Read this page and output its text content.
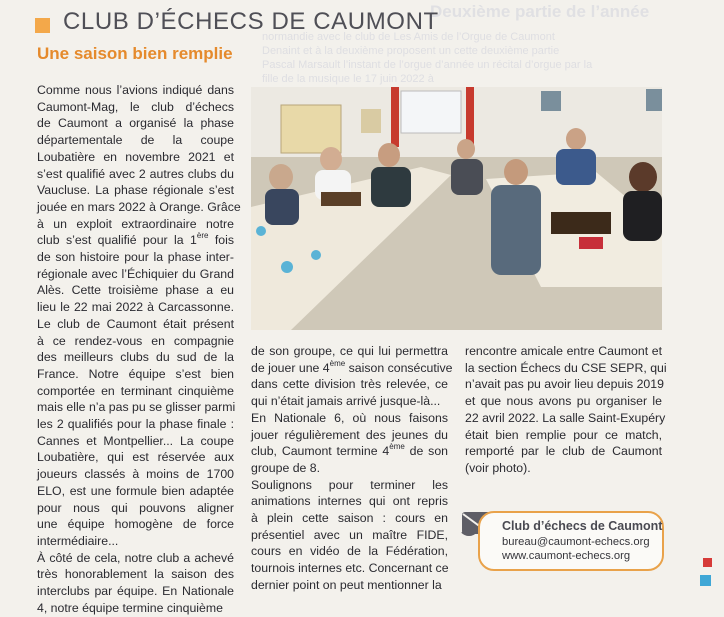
Deuxième partie de l’année
normandie avec le club de Les Amis de l’Orgue de Caumont
Denaint et à la deuxième proposent un cette deuxième partie
Pascal Marsault l’instant de l’orgue d’année un récital d’orgue par la
fille de la musique le 17 juin 2022 à
CLUB D’ÉCHECS DE CAUMONT
Une saison bien remplie
Comme nous l’avions indiqué dans
Caumont-Mag, le club d’échecs
de Caumont a organisé la phase
départementale de la coupe
Loubatière en novembre 2021 et
s’est qualifié avec 2 autres clubs du
Vaucluse. La phase régionale s’est
jouée en mars 2022 à Orange. Grâce
à un exploit extraordinaire notre
club s’est qualifié pour la 1ère fois
de son histoire pour la phase inter-
régionale avec l’Échiquier du Grand
Alès. Cette troisième phase a eu
lieu le 22 mai 2022 à Carcassonne.
Le club de Caumont était présent
à ce rendez-vous en compagnie
des meilleurs clubs du sud de la
France. Notre équipe s’est bien
comportée en terminant cinquième
mais elle n’a pas pu se glisser parmi
les 2 qualifiés pour la phase finale :
Cannes et Montpellier... La coupe
Loubatière, qui est réservée aux
joueurs classés à moins de 1700
ELO, est une formule bien adaptée
pour nous qui pouvons aligner
une équipe homogène de force
intermédiaire...
À côté de cela, notre club a achevé
très honorablement la saison des
interclubs par équipe. En Nationale
4, notre équipe termine cinquième
de son groupe, ce qui lui permettra
de jouer une 4ème saison consécutive
dans cette division très relevée, ce
qui n’était jamais arrivé jusque-là...
En Nationale 6, où nous faisons
jouer régulièrement des jeunes du
club, Caumont termine 4ème de son
groupe de 8.
Soulignons pour terminer les
animations internes qui ont repris
à plein cette saison : cours en
présentiel avec un maître FIDE,
cours en vidéo de la Fédération,
tournois internes etc. Concernant ce
dernier point on peut mentionner la
rencontre amicale entre Caumont et
la section Échecs du CSE SEPR, qui
n’avait pas pu avoir lieu depuis 2019
et que nous avons pu organiser le
22 avril 2022. La salle Saint-Exupéry
était bien remplie pour ce match,
remporté par le club de Caumont
(voir photo).
Club d’échecs de Caumont
bureau@caumont-echecs.org
www.caumont-echecs.org
